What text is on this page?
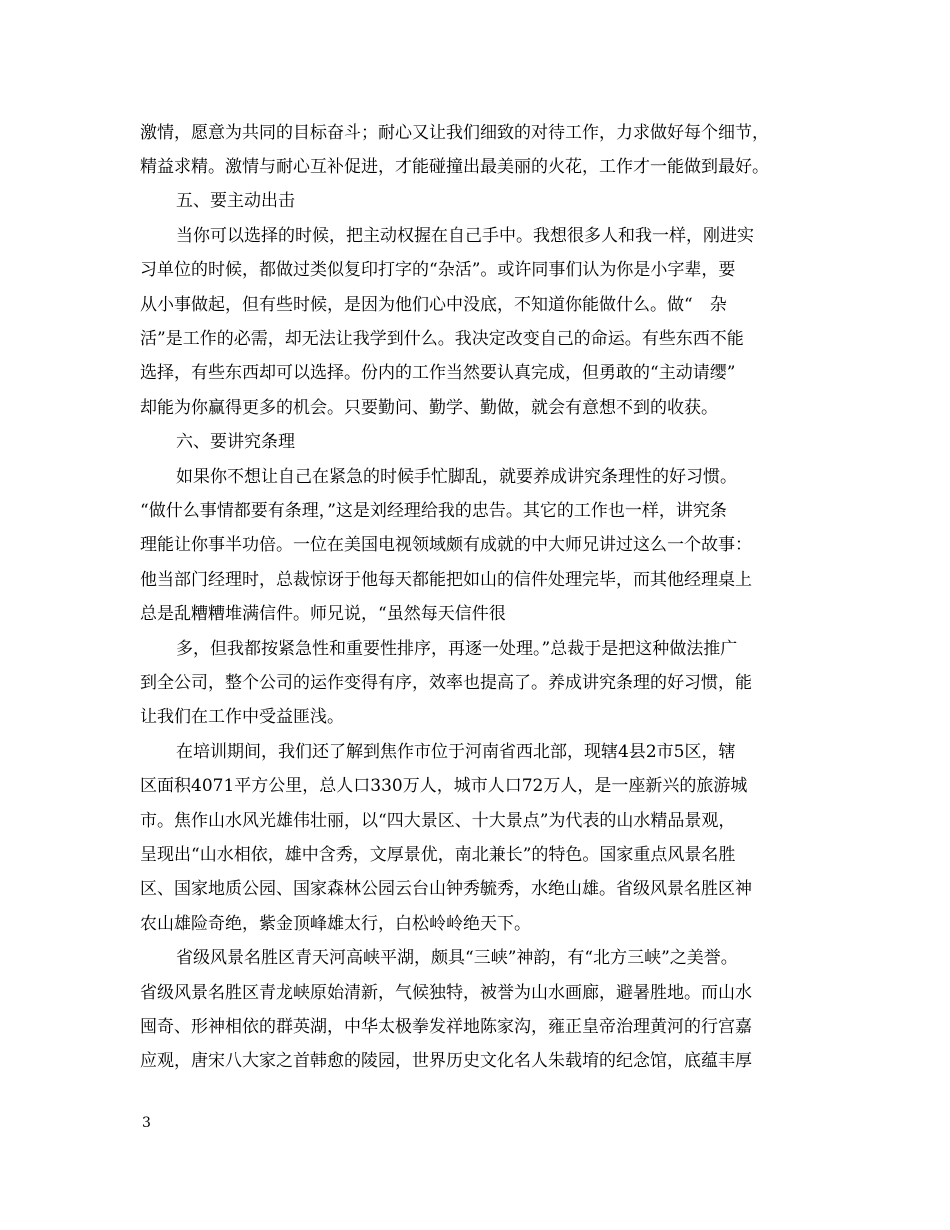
激情，愿意为共同的目标奋斗；耐心又让我们细致的对待工作，力求做好每个细节，
精益求精。激情与耐心互补促进，才能碰撞出最美丽的火花，工作才一能做到最好。
五、要主动出击
当你可以选择的时候，把主动权握在自己手中。我想很多人和我一样，刚进实
习单位的时候，都做过类似复印打字的“杂活”。或许同事们认为你是小字辈，要
从小事做起，但有些时候，是因为他们心中没底，不知道你能做什么。做“　杂
活”是工作的必需，却无法让我学到什么。我决定改变自己的命运。有些东西不能
选择，有些东西却可以选择。份内的工作当然要认真完成，但勇敢的“主动请缨”
却能为你赢得更多的机会。只要勤问、勤学、勤做，就会有意想不到的收获。
六、要讲究条理
如果你不想让自己在紧急的时候手忙脚乱，就要养成讲究条理性的好习惯。
“做什么事情都要有条理，”这是刘经理给我的忠告。其它的工作也一样，讲究条
理能让你事半功倍。一位在美国电视领域颇有成就的中大师兄讲过这么一个故事：
他当部门经理时，总裁惊讶于他每天都能把如山的信件处理完毕，而其他经理桌上
总是乱糟糟堆满信件。师兄说，“虽然每天信件很
多，但我都按紧急性和重要性排序，再逐一处理。”总裁于是把这种做法推广
到全公司，整个公司的运作变得有序，效率也提高了。养成讲究条理的好习惯，能
让我们在工作中受益匪浅。
在培训期间，我们还了解到焦作市位于河南省西北部，现辖4县2市5区，辖
区面积4071平方公里，总人口330万人，城市人口72万人，是一座新兴的旅游城
市。焦作山水风光雄伟壮丽，以“四大景区、十大景点”为代表的山水精品景观，
呈现出“山水相依，雄中含秀，文厚景优，南北兼长”的特色。国家重点风景名胜
区、国家地质公园、国家森林公园云台山钟秀毓秀，水绝山雄。省级风景名胜区神
农山雄险奇绝，紫金顶峰雄太行，白松岭岭绝天下。
省级风景名胜区青天河高峡平湖，颇具“三峡”神韵，有“北方三峡”之美誉。
省级风景名胜区青龙峡原始清新，气候独特，被誉为山水画廊，避暑胜地。而山水
囤奇、形神相依的群英湖，中华太极拳发祥地陈家沟，雍正皇帝治理黄河的行宫嘉
应观，唐宋八大家之首韩愈的陵园，世界历史文化名人朱载堉的纪念馆，底蕴丰厚
3
